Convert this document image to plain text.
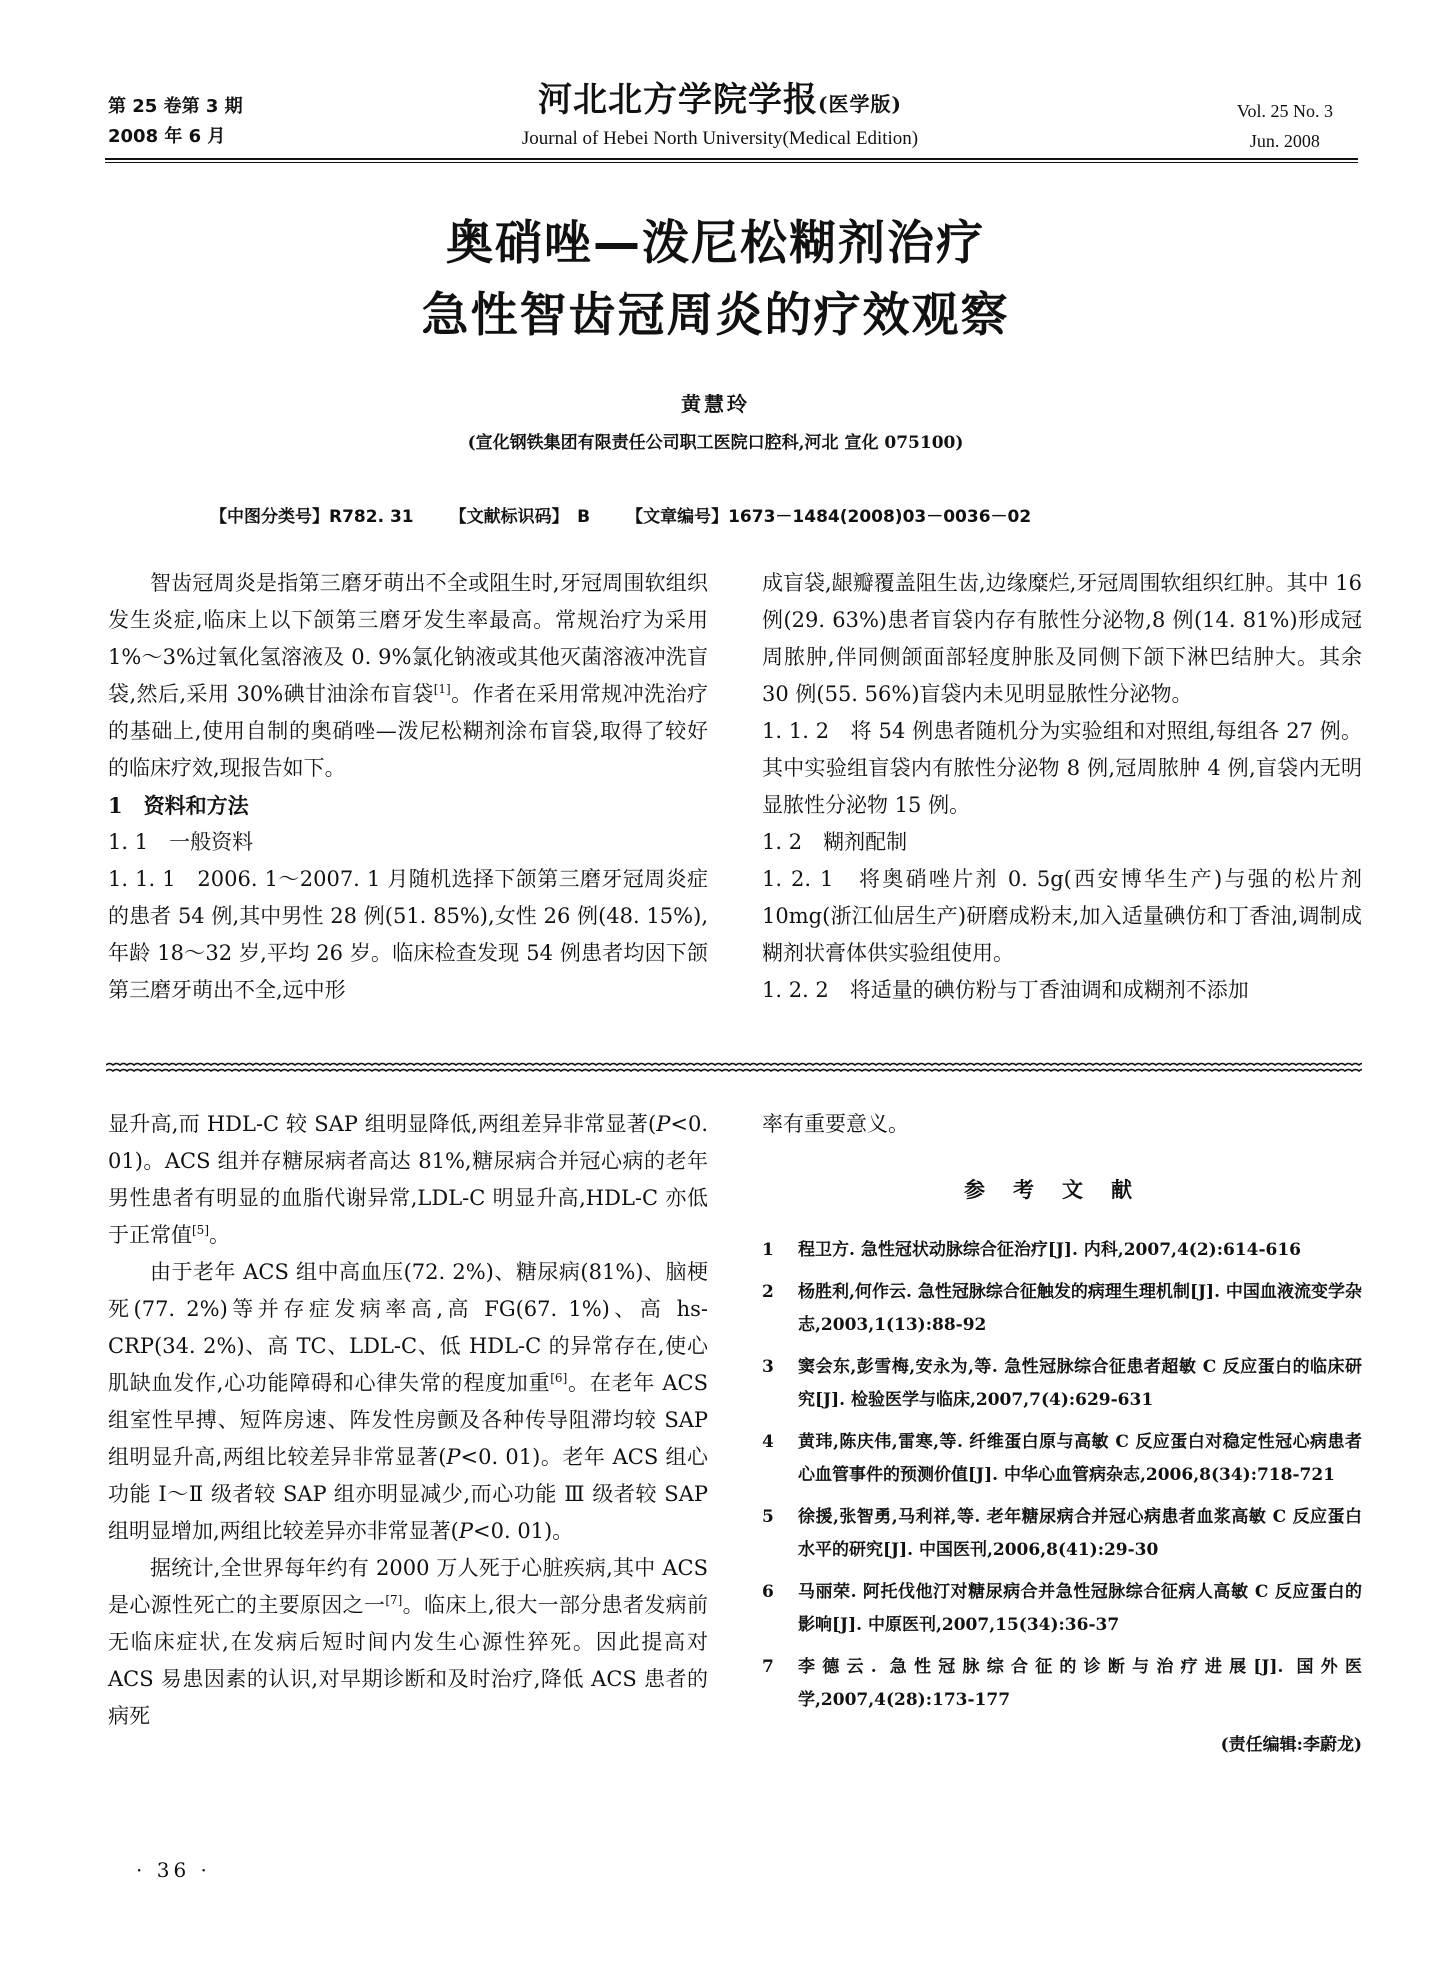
第 25 卷第 3 期
2008 年 6 月
河北北方学院学报(医学版)
Journal of Hebei North University(Medical Edition)
Vol. 25 No. 3
Jun. 2008
奥硝唑—泼尼松糊剂治疗
急性智齿冠周炎的疗效观察
黄慧玲
(宣化钢铁集团有限责任公司职工医院口腔科,河北 宣化 075100)
【中图分类号】R782. 31 【文献标识码】　B 【文章编号】1673－1484(2008)03－0036－02

智齿冠周炎是指第三磨牙萌出不全或阻生时,牙冠周围软组织发生炎症,临床上以下颌第三磨牙发生率最高。常规治疗为采用 1%～3%过氧化氢溶液及 0. 9%氯化钠液或其他灭菌溶液冲洗盲袋,然后,采用 30%碘甘油涂布盲袋[1]。作者在采用常规冲洗治疗的基础上,使用自制的奥硝唑—泼尼松糊剂涂布盲袋,取得了较好的临床疗效,现报告如下。

1　资料和方法

1. 1　一般资料

1. 1. 1　2006. 1～2007. 1 月随机选择下颌第三磨牙冠周炎症的患者 54 例,其中男性 28 例(51. 85%),女性 26 例(48. 15%),年龄 18～32 岁,平均 26 岁。临床检查发现 54 例患者均因下颌第三磨牙萌出不全,远中形

成盲袋,龈瓣覆盖阻生齿,边缘糜烂,牙冠周围软组织红肿。其中 16 例(29. 63%)患者盲袋内存有脓性分泌物,8 例(14. 81%)形成冠周脓肿,伴同侧颌面部轻度肿胀及同侧下颌下淋巴结肿大。其余 30 例(55. 56%)盲袋内未见明显脓性分泌物。

1. 1. 2　将 54 例患者随机分为实验组和对照组,每组各 27 例。其中实验组盲袋内有脓性分泌物 8 例,冠周脓肿 4 例,盲袋内无明显脓性分泌物 15 例。

1. 2　糊剂配制

1. 2. 1　将奥硝唑片剂 0. 5g(西安博华生产)与强的松片剂 10mg(浙江仙居生产)研磨成粉末,加入适量碘仿和丁香油,调制成糊剂状膏体供实验组使用。

1. 2. 2　将适量的碘仿粉与丁香油调和成糊剂不添加

显升高,而 HDL-C 较 SAP 组明显降低,两组差异非常显著(P<0. 01)。ACS 组并存糖尿病者高达 81%,糖尿病合并冠心病的老年男性患者有明显的血脂代谢异常,LDL-C 明显升高,HDL-C 亦低于正常值[5]。

由于老年 ACS 组中高血压(72. 2%)、糖尿病(81%)、脑梗死(77. 2%)等并存症发病率高,高 FG(67. 1%)、高 hs-CRP(34. 2%)、高 TC、LDL-C、低 HDL-C 的异常存在,使心肌缺血发作,心功能障碍和心律失常的程度加重[6]。在老年 ACS 组室性早搏、短阵房速、阵发性房颤及各种传导阻滞均较 SAP 组明显升高,两组比较差异非常显著(P<0. 01)。老年 ACS 组心功能 Ⅰ～Ⅱ 级者较 SAP 组亦明显减少,而心功能 Ⅲ 级者较 SAP 组明显增加,两组比较差异亦非常显著(P<0. 01)。

据统计,全世界每年约有 2000 万人死于心脏疾病,其中 ACS 是心源性死亡的主要原因之一[7]。临床上,很大一部分患者发病前无临床症状,在发病后短时间内发生心源性猝死。因此提高对 ACS 易患因素的认识,对早期诊断和及时治疗,降低 ACS 患者的病死

率有重要意义。

参考文献
1 程卫方. 急性冠状动脉综合征治疗[J]. 内科,2007,4(2):614-616
2 杨胜利,何作云. 急性冠脉综合征触发的病理生理机制[J]. 中国血液流变学杂志,2003,1(13):88-92
3 窦会东,彭雪梅,安永为,等. 急性冠脉综合征患者超敏 C 反应蛋白的临床研究[J]. 检验医学与临床,2007,7(4):629-631
4 黄玮,陈庆伟,雷寒,等. 纤维蛋白原与高敏 C 反应蛋白对稳定性冠心病患者心血管事件的预测价值[J]. 中华心血管病杂志,2006,8(34):718-721
5 徐援,张智勇,马利祥,等. 老年糖尿病合并冠心病患者血浆高敏 C 反应蛋白水平的研究[J]. 中国医刊,2006,8(41):29-30
6 马丽荣. 阿托伐他汀对糖尿病合并急性冠脉综合征病人高敏 C 反应蛋白的影响[J]. 中原医刊,2007,15(34):36-37
7 李德云. 急性冠脉综合征的诊断与治疗进展[J]. 国外医学,2007,4(28):173-177
(责任编辑:李蔚龙)
· 36 ·
